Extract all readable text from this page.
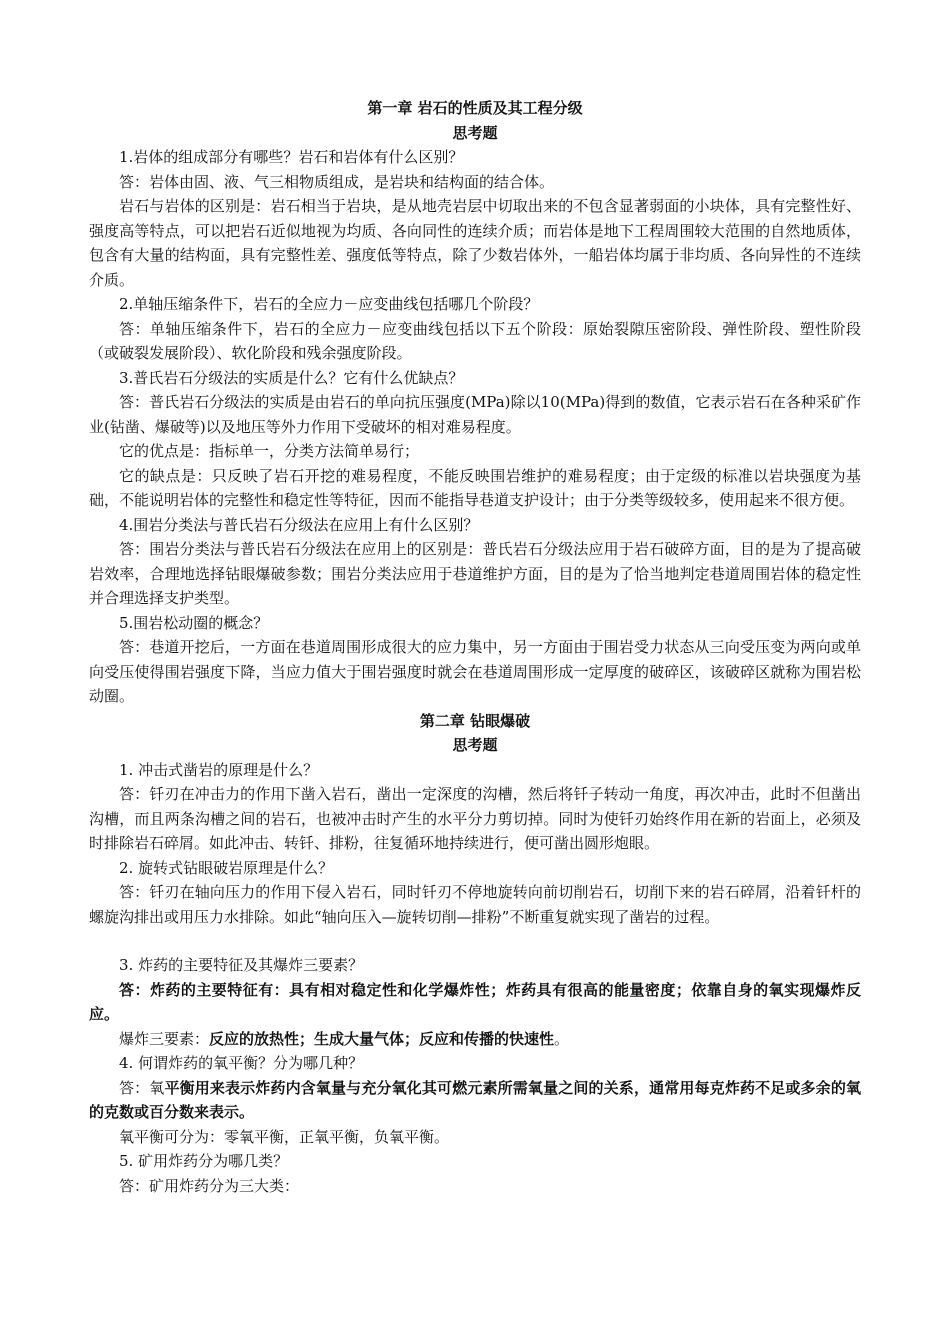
第一章 岩石的性质及其工程分级
思考题

1.岩体的组成部分有哪些？岩石和岩体有什么区别？

答：岩体由固、液、气三相物质组成，是岩块和结构面的结合体。

岩石与岩体的区别是：岩石相当于岩块，是从地壳岩层中切取出来的不包含显著弱面的小块体，具有完整性好、强度高等特点，可以把岩石近似地视为均质、各向同性的连续介质；而岩体是地下工程周围较大范围的自然地质体，包含有大量的结构面，具有完整性差、强度低等特点，除了少数岩体外，一船岩体均属于非均质、各向异性的不连续介质。

2.单轴压缩条件下，岩石的全应力－应变曲线包括哪几个阶段？

答：单轴压缩条件下，岩石的全应力－应变曲线包括以下五个阶段：原始裂隙压密阶段、弹性阶段、塑性阶段（或破裂发展阶段）、软化阶段和残余强度阶段。

3.普氏岩石分级法的实质是什么？它有什么优缺点？

答：普氏岩石分级法的实质是由岩石的单向抗压强度(MPa)除以10(MPa)得到的数值，它表示岩石在各种采矿作业(钻凿、爆破等)以及地压等外力作用下受破坏的相对难易程度。

它的优点是：指标单一，分类方法简单易行；

它的缺点是：只反映了岩石开挖的难易程度，不能反映围岩维护的难易程度；由于定级的标准以岩块强度为基础，不能说明岩体的完整性和稳定性等特征，因而不能指导巷道支护设计；由于分类等级较多，使用起来不很方便。

4.围岩分类法与普氏岩石分级法在应用上有什么区别？

答：围岩分类法与普氏岩石分级法在应用上的区别是：普氏岩石分级法应用于岩石破碎方面，目的是为了提高破岩效率，合理地选择钻眼爆破参数；围岩分类法应用于巷道维护方面，目的是为了恰当地判定巷道周围岩体的稳定性并合理选择支护类型。

5.围岩松动圈的概念？

答：巷道开挖后，一方面在巷道周围形成很大的应力集中，另一方面由于围岩受力状态从三向受压变为两向或单向受压使得围岩强度下降，当应力值大于围岩强度时就会在巷道周围形成一定厚度的破碎区，该破碎区就称为围岩松动圈。

第二章 钻眼爆破
思考题

1. 冲击式凿岩的原理是什么？

答：钎刃在冲击力的作用下凿入岩石，凿出一定深度的沟槽，然后将钎子转动一角度，再次冲击，此时不但凿出沟槽，而且两条沟槽之间的岩石，也被冲击时产生的水平分力剪切掉。同时为使钎刃始终作用在新的岩面上，必须及时排除岩石碎屑。如此冲击、转钎、排粉，往复循环地持续进行，便可凿出圆形炮眼。

2. 旋转式钻眼破岩原理是什么？

答：钎刃在轴向压力的作用下侵入岩石，同时钎刃不停地旋转向前切削岩石，切削下来的岩石碎屑，沿着钎杆的螺旋沟排出或用压力水排除。如此“轴向压入—旋转切削—排粉”不断重复就实现了凿岩的过程。

3. 炸药的主要特征及其爆炸三要素？

答：炸药的主要特征有：具有相对稳定性和化学爆炸性；炸药具有很高的能量密度；依靠自身的氧实现爆炸反应。

爆炸三要素：反应的放热性；生成大量气体；反应和传播的快速性。

4. 何谓炸药的氧平衡？分为哪几种？

答：氧平衡用来表示炸药内含氧量与充分氧化其可燃元素所需氧量之间的关系，通常用每克炸药不足或多余的氧的克数或百分数来表示。

氧平衡可分为：零氧平衡，正氧平衡，负氧平衡。

5. 矿用炸药分为哪几类？

答：矿用炸药分为三大类：
